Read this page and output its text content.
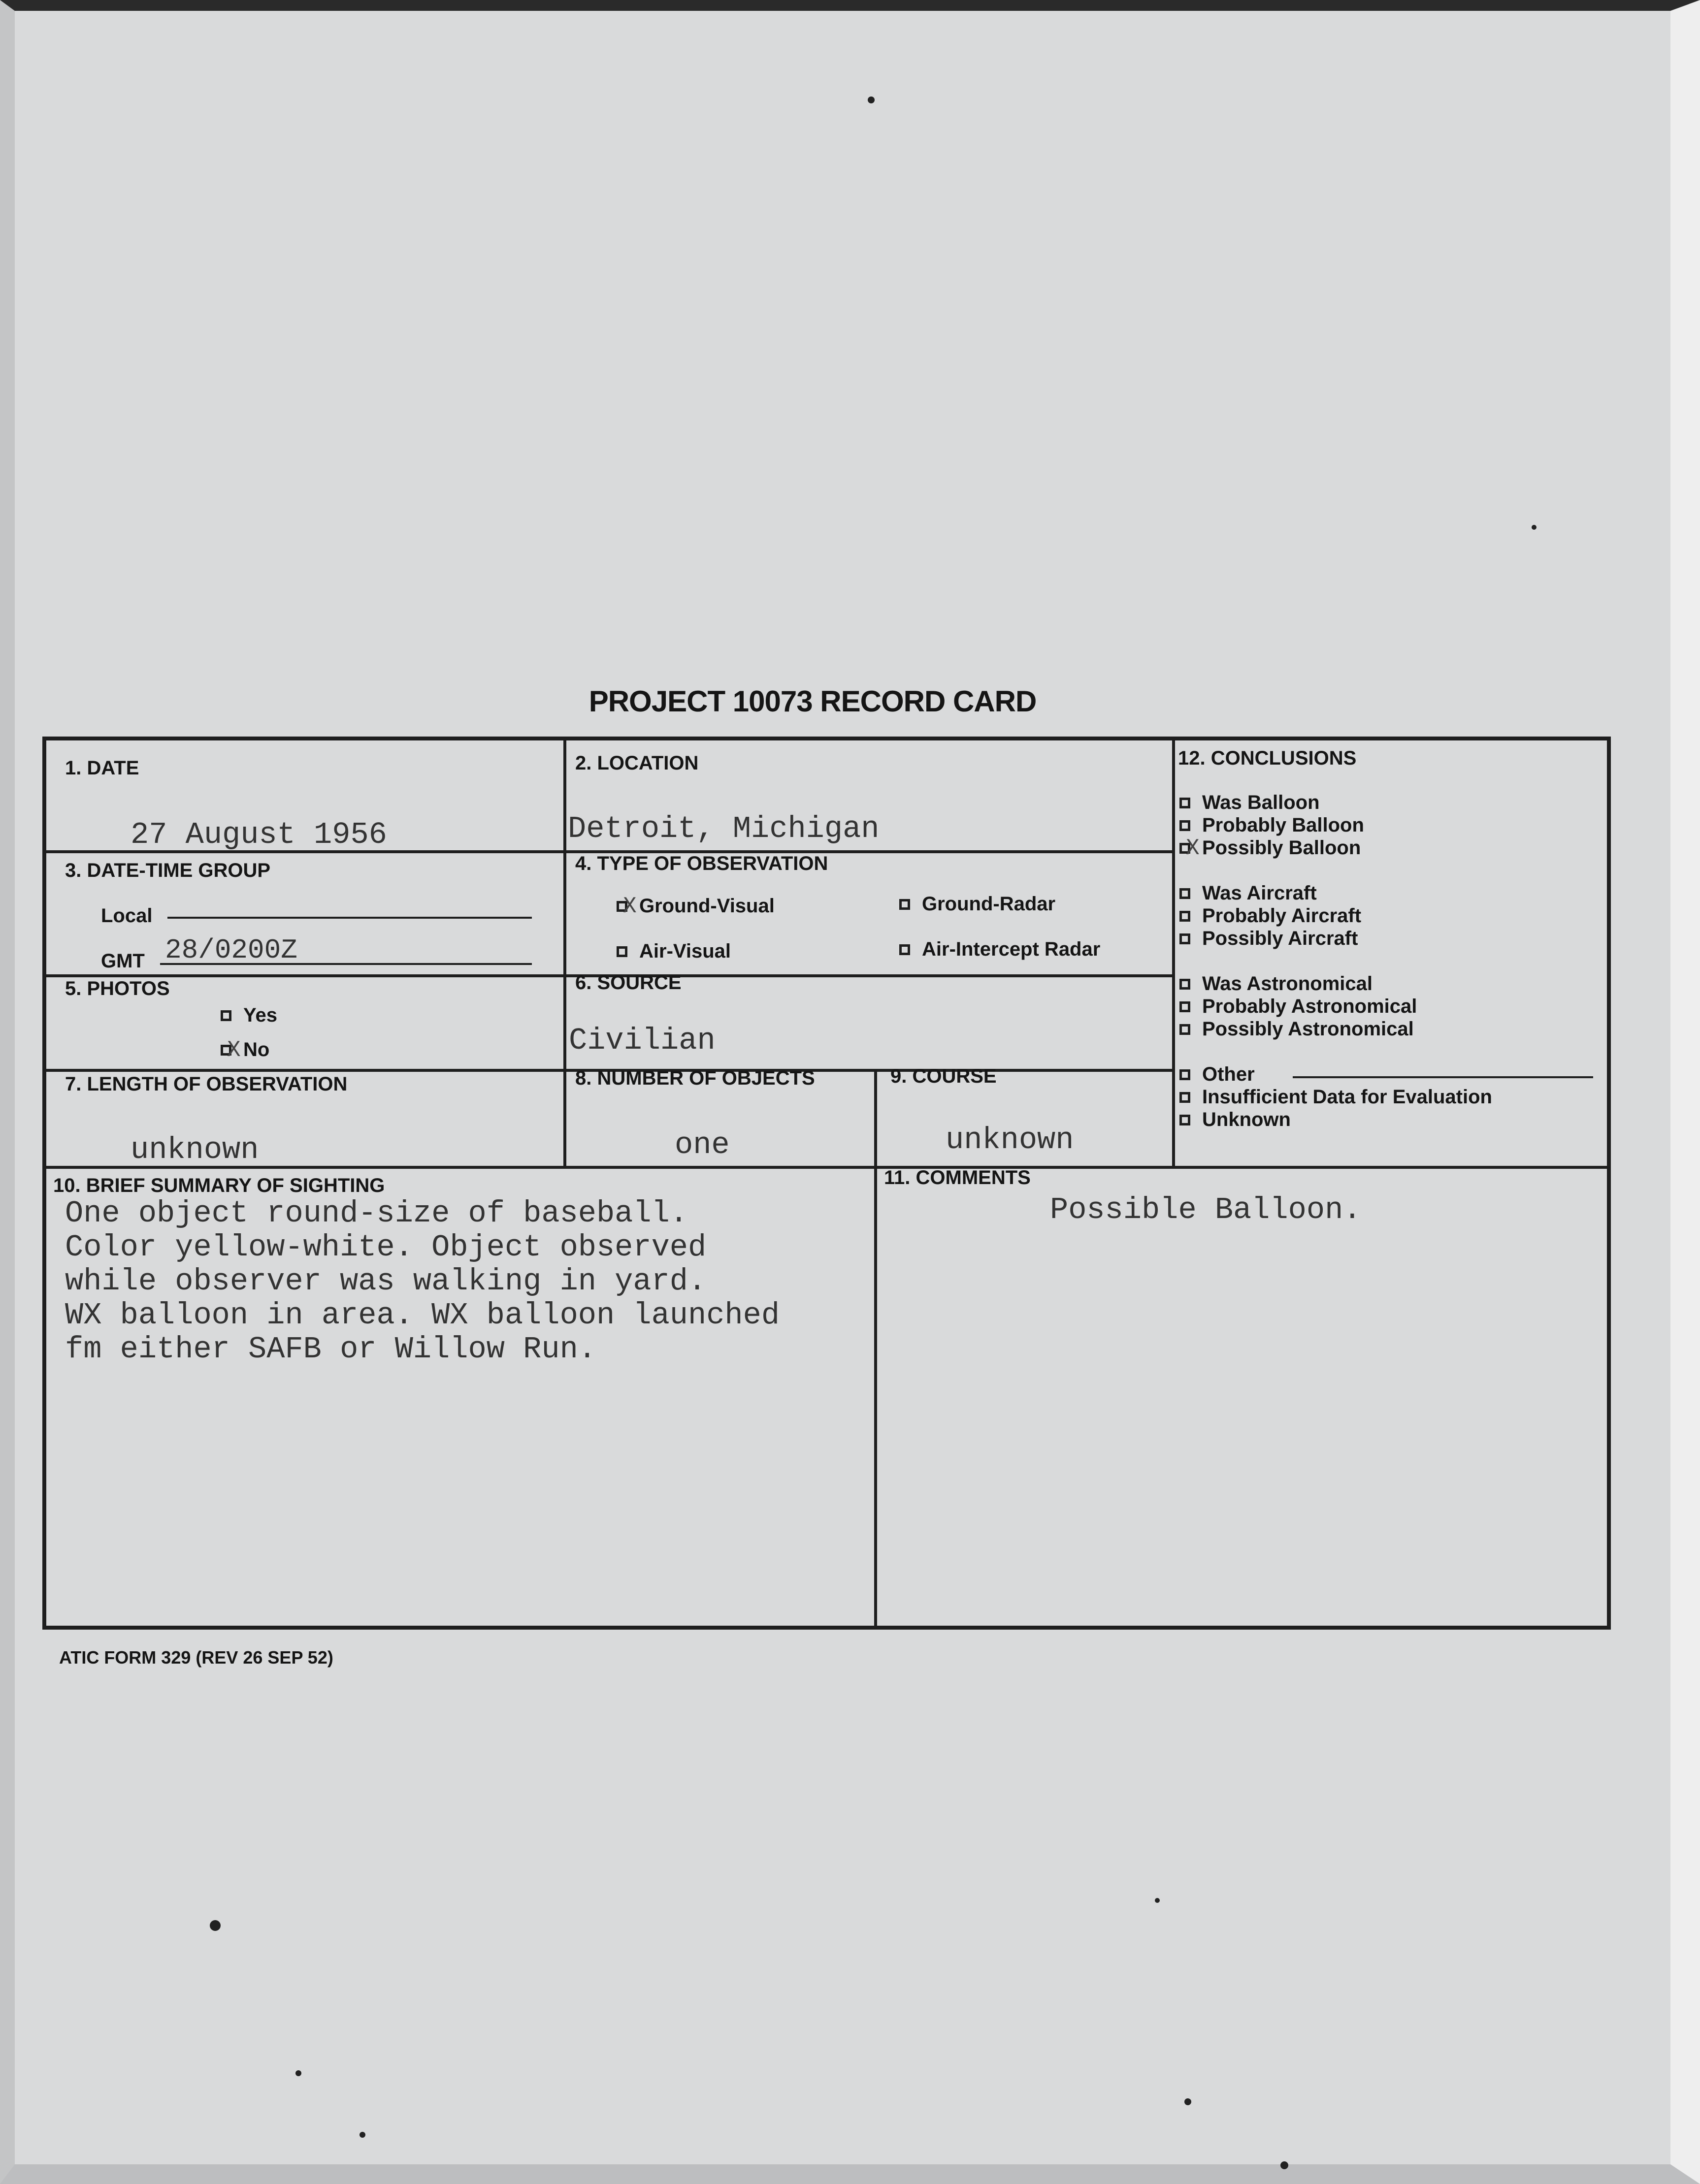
PROJECT 10073 RECORD CARD
1. DATE
27 August 1956
2. LOCATION
Detroit, Michigan
3. DATE-TIME GROUP
Local
GMT 28/0200Z
4. TYPE OF OBSERVATION
X
Ground-Visual	Ground-Radar
Air-Visual	Air-Intercept Radar
5. PHOTOS
Yes
X
No
6. SOURCE
Civilian
7. LENGTH OF OBSERVATION
unknown
8. NUMBER OF OBJECTS
one
9. COURSE
unknown
10. BRIEF SUMMARY OF SIGHTING
One object round-size of baseball.
Color yellow-white. Object observed
while observer was walking in yard.
WX balloon in area. WX balloon launched
fm either SAFB or Willow Run.
11. COMMENTS
Possible Balloon.
12. CONCLUSIONS
Was Balloon
Probably Balloon
X
Possibly Balloon
Was Aircraft
Probably Aircraft
Possibly Aircraft
Was Astronomical
Probably Astronomical
Possibly Astronomical
Other
Insufficient Data for Evaluation
Unknown
ATIC FORM 329 (REV 26 SEP 52)
